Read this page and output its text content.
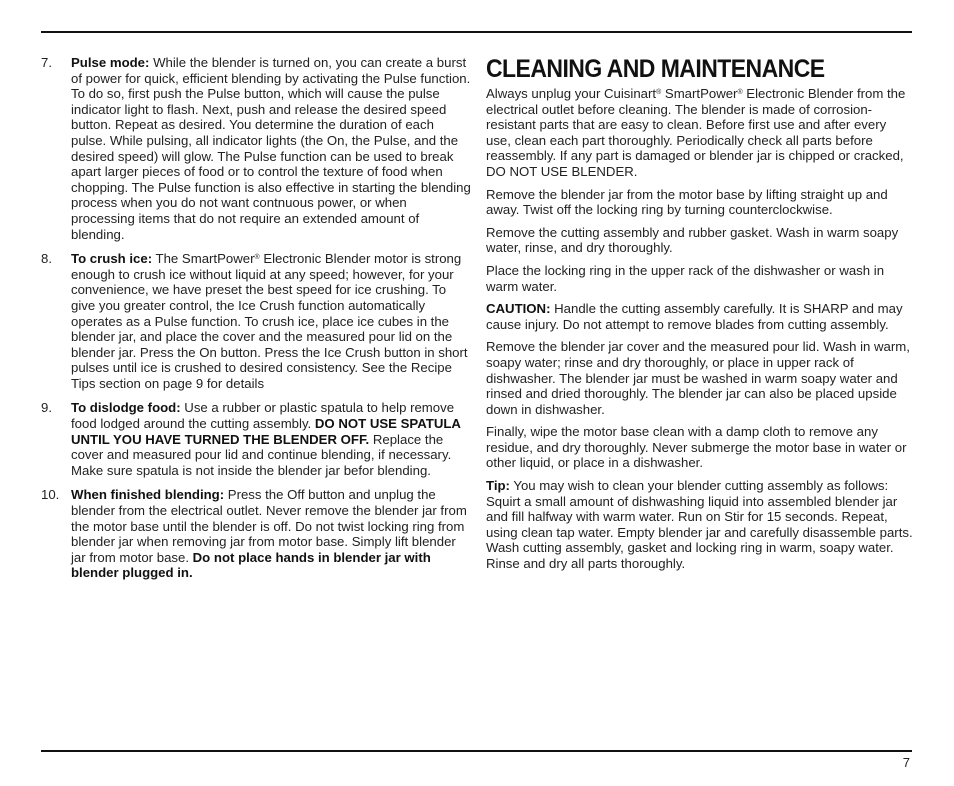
7. Pulse mode: While the blender is turned on, you can create a burst of power for quick, efficient blending by activating the Pulse function. To do so, first push the Pulse button, which will cause the pulse indicator light to flash. Next, push and release the desired speed button. Repeat as desired. You determine the duration of each pulse. While pulsing, all indicator lights (the On, the Pulse, and the desired speed) will glow. The Pulse function can be used to break apart larger pieces of food or to control the texture of food when chopping. The Pulse function is also effective in starting the blending process when you do not want contnuous power, or when processing items that do not require an extended amount of blending.
8. To crush ice: The SmartPower® Electronic Blender motor is strong enough to crush ice without liquid at any speed; however, for your convenience, we have preset the best speed for ice crushing. To give you greater control, the Ice Crush function automatically operates as a Pulse function. To crush ice, place ice cubes in the blender jar, and place the cover and the measured pour lid on the blender jar. Press the On button. Press the Ice Crush button in short pulses until ice is crushed to desired consistency. See the Recipe Tips section on page 9 for details
9. To dislodge food: Use a rubber or plastic spatula to help remove food lodged around the cutting assembly. DO NOT USE SPATULA UNTIL YOU HAVE TURNED THE BLENDER OFF. Replace the cover and measured pour lid and continue blending, if necessary. Make sure spatula is not inside the blender jar befor blending.
10. When finished blending: Press the Off button and unplug the blender from the electrical outlet. Never remove the blender jar from the motor base until the blender is off. Do not twist locking ring from blender jar when removing jar from motor base. Simply lift blender jar from motor base. Do not place hands in blender jar with blender plugged in.
CLEANING AND MAINTENANCE

Always unplug your Cuisinart® SmartPower® Electronic Blender from the electrical outlet before cleaning. The blender is made of corrosion-resistant parts that are easy to clean. Before first use and after every use, clean each part thoroughly. Periodically check all parts before reassembly. If any part is damaged or blender jar is chipped or cracked, DO NOT USE BLENDER.

Remove the blender jar from the motor base by lifting straight up and away. Twist off the locking ring by turning counterclockwise.

Remove the cutting assembly and rubber gasket. Wash in warm soapy water, rinse, and dry thoroughly.

Place the locking ring in the upper rack of the dishwasher or wash in warm water.

CAUTION: Handle the cutting assembly carefully. It is SHARP and may cause injury. Do not attempt to remove blades from cutting assembly.

Remove the blender jar cover and the measured pour lid. Wash in warm, soapy water; rinse and dry thoroughly, or place in upper rack of dishwasher. The blender jar must be washed in warm soapy water and rinsed and dried thoroughly. The blender jar can also be placed upside down in dishwasher.

Finally, wipe the motor base clean with a damp cloth to remove any residue, and dry thoroughly. Never submerge the motor base in water or other liquid, or place in a dishwasher.

Tip: You may wish to clean your blender cutting assembly as follows: Squirt a small amount of dishwashing liquid into assembled blender jar and fill halfway with warm water. Run on Stir for 15 seconds. Repeat, using clean tap water. Empty blender jar and carefully disassemble parts. Wash cutting assembly, gasket and locking ring in warm, soapy water. Rinse and dry all parts thoroughly.

7
